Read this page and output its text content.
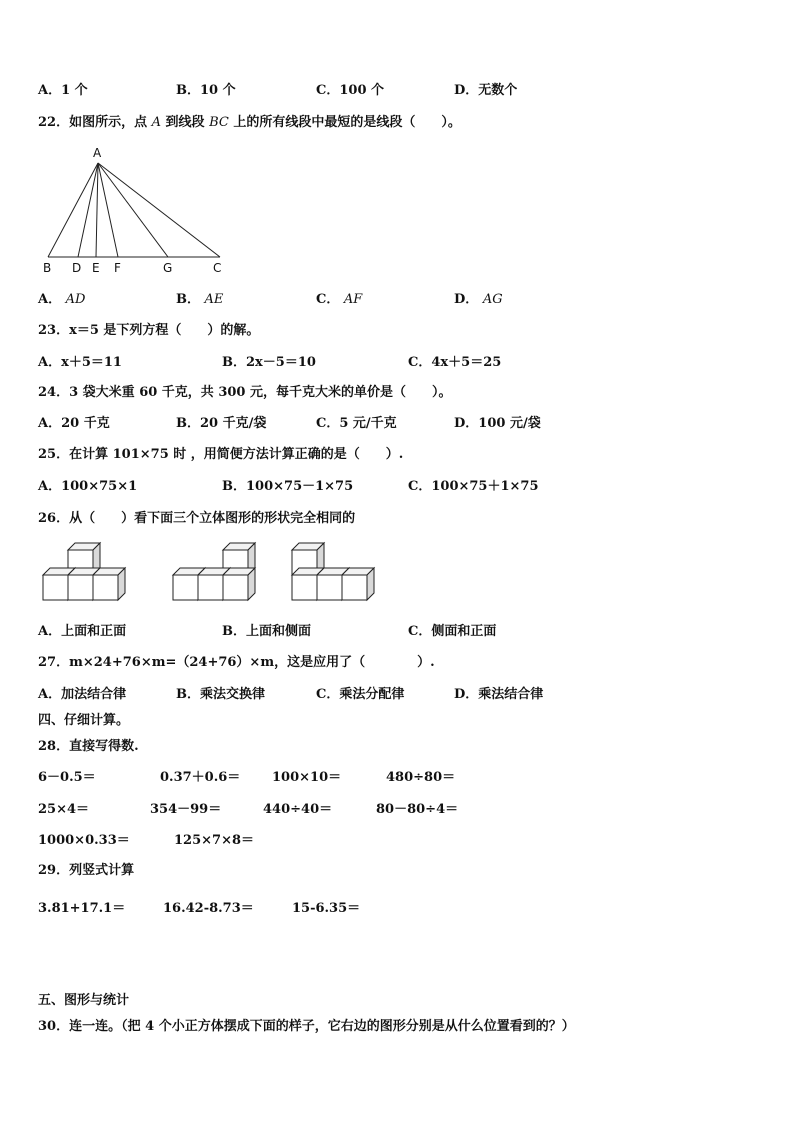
A．1 个	B．10 个	C．100 个	D．无数个
22．如图所示，点 A 到线段 BC 上的所有线段中最短的是线段（　　）。
A
B D E F	G	C
A． AD	B． AE	C． AF	D． AG
23．x＝5 是下列方程（　　）的解。
A．x＋5＝11	B．2x－5＝10	C．4x＋5＝25
24．3 袋大米重 60 千克，共 300 元，每千克大米的单价是（　　）。
A．20 千克	B．20 千克/袋	C．5 元/千克	D．100 元/袋
25．在计算 101×75 时 ，用简便方法计算正确的是（　　）.
A．100×75×1	B．100×75－1×75	C．100×75＋1×75
26．从（　　）看下面三个立体图形的形状完全相同的
A．上面和正面	B．上面和侧面	C．侧面和正面
27．m×24+76×m=（24+76）×m，这是应用了（　　　　）.
A．加法结合律	B．乘法交换律	C．乘法分配律	D．乘法结合律
四、仔细计算。
28．直接写得数.
6－0.5＝	0.37＋0.6＝ 100×10＝	480÷80＝
25×4＝	354－99＝	440÷40＝	80－80÷4＝
1000×0.33＝	125×7×8＝
29．列竖式计算
3.81+17.1＝	16.42-8.73＝	15-6.35＝
五、图形与统计
30．连一连。（把 4 个小正方体摆成下面的样子，它右边的图形分别是从什么位置看到的？）
